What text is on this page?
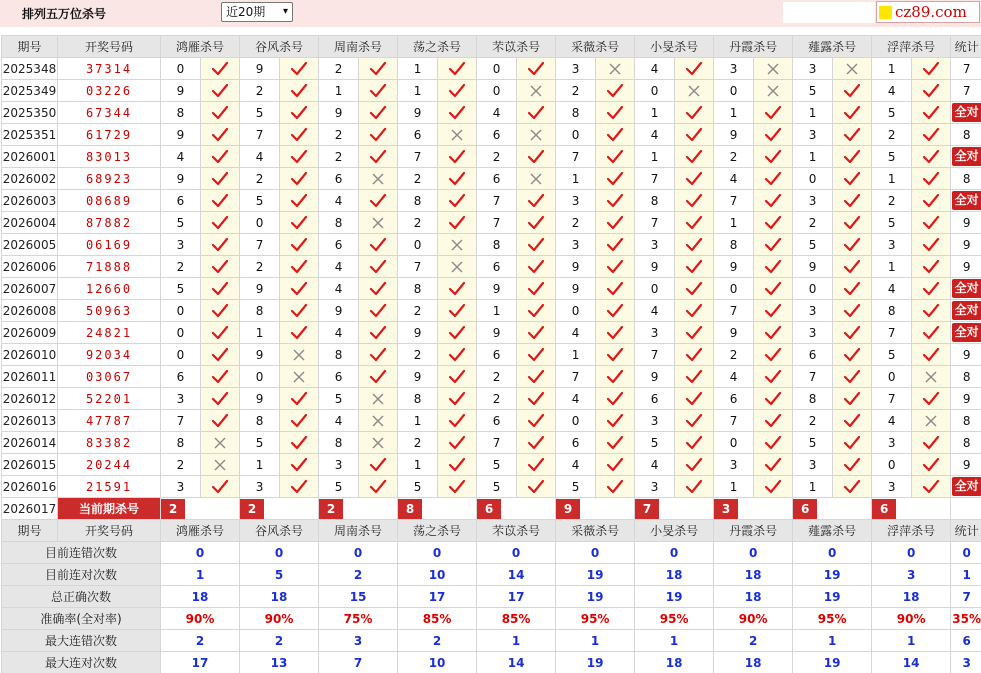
排列五万位杀号	近20期 ▾	cz89.com
期号	开奖号码	鸿雁杀号		谷风杀号		周南杀号		荡之杀号		芣苡杀号		采薇杀号		小旻杀号		丹霞杀号		薤露杀号		浮萍杀号		统计
2025348	37314	0		9		2		1		0		3		4		3		3		1		7
2025349	03226	9		2		1		1		0		2		0		0		5		4		7
2025350	67344	8		5		9		9		4		8		1		1		1		5		全对
2025351	61729	9		7		2		6		6		0		4		9		3		2		8
2026001	83013	4		4		2		7		2		7		1		2		1		5		全对
2026002	68923	9		2		6		2		6		1		7		4		0		1		8
2026003	08689	6		5		4		8		7		3		8		7		3		2		全对
2026004	87882	5		0		8		2		7		2		7		1		2		5		9
2026005	06169	3		7		6		0		8		3		3		8		5		3		9
2026006	71888	2		2		4		7		6		9		9		9		9		1		9
2026007	12660	5		9		4		8		9		9		0		0		0		4		全对
2026008	50963	0		8		9		2		1		0		4		7		3		8		全对
2026009	24821	0		1		4		9		9		4		3		9		3		7		全对
2026010	92034	0		9		8		2		6		1		7		2		6		5		9
2026011	03067	6		0		6		9		2		7		9		4		7		0		8
2026012	52201	3		9		5		8		2		4		6		6		8		7		9
2026013	47787	7		8		4		1		6		0		3		7		2		4		8
2026014	83382	8		5		8		2		7		6		5		0		5		3		8
2026015	20244	2		1		3		1		5		4		4		3		3		0		9
2026016	21591	3		3		5		5		5		5		3		1		1		3		全对
2026017	当前期杀号	2		2		2		8		6		9		7		3		6		6		

期号	开奖号码	鸿雁杀号		谷风杀号		周南杀号		荡之杀号		芣苡杀号		采薇杀号		小旻杀号		丹霞杀号		薤露杀号		浮萍杀号		统计
目前连错次数		0		0		0		0		0		0		0		0		0		0		0
目前连对次数		1		5		2		10		14		19		18		18		19		3		1
总正确次数		18		18		15		17		17		19		19		18		19		18		7
准确率(全对率)		90%		90%		75%		85%		85%		95%		95%		90%		95%		90%		35%
最大连错次数		2		2		3		2		1		1		1		2		1		1		6
最大连对次数		17		13		7		10		14		19		18		18		19		14		3
